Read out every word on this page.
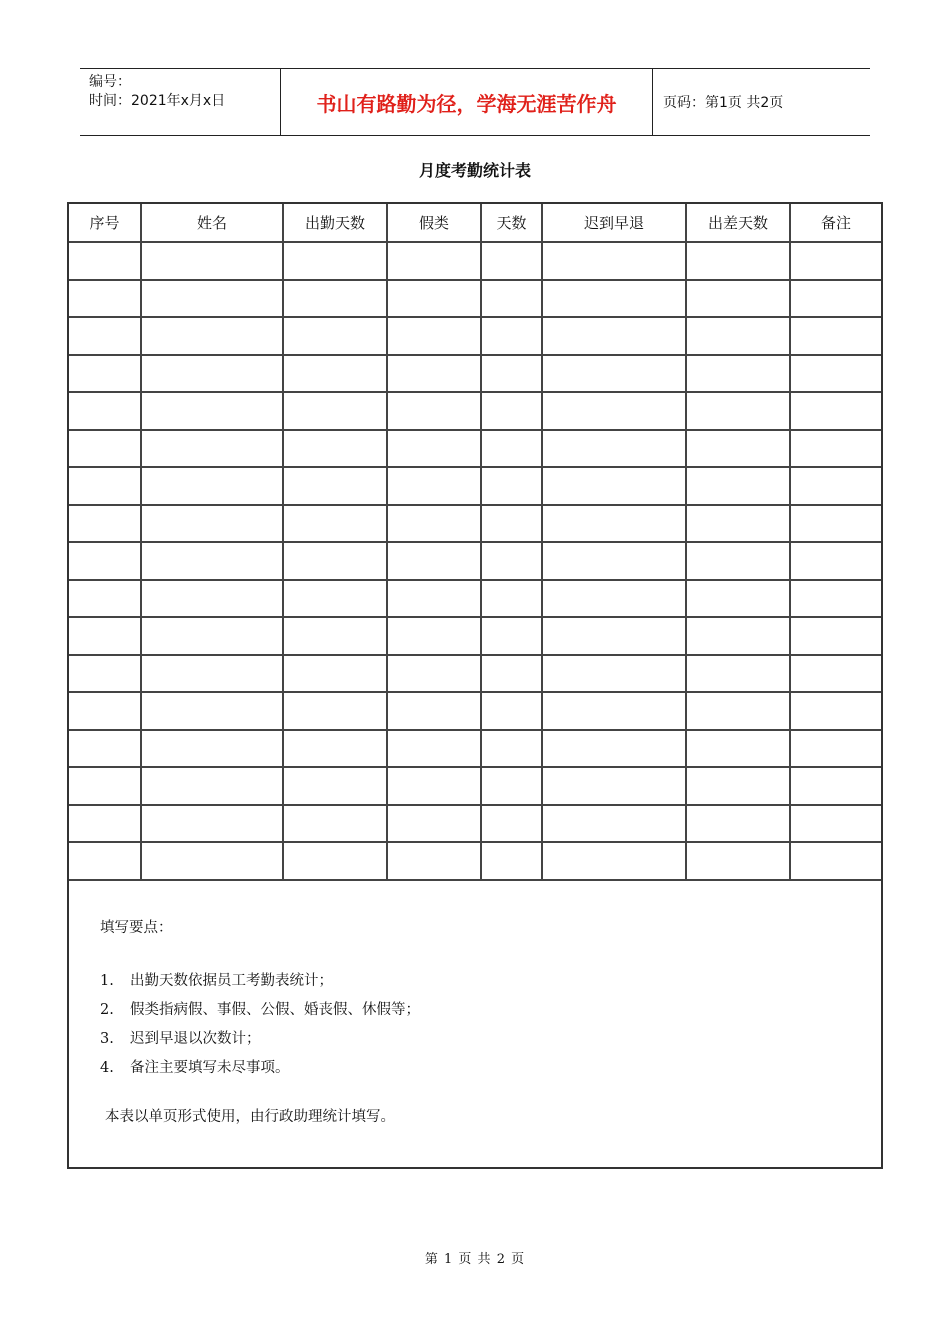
编号：
时间：2021年x月x日	书山有路勤为径，学海无涯苦作舟	页码：第1页 共2页
月度考勤统计表
序号	姓名	出勤天数	假类	天数	迟到早退	出差天数	备注

填写要点：
1. 出勤天数依据员工考勤表统计；
2. 假类指病假、事假、公假、婚丧假、休假等；
3. 迟到早退以次数计；
4. 备注主要填写未尽事项。
本表以单页形式使用，由行政助理统计填写。
第 1 页 共 2 页
